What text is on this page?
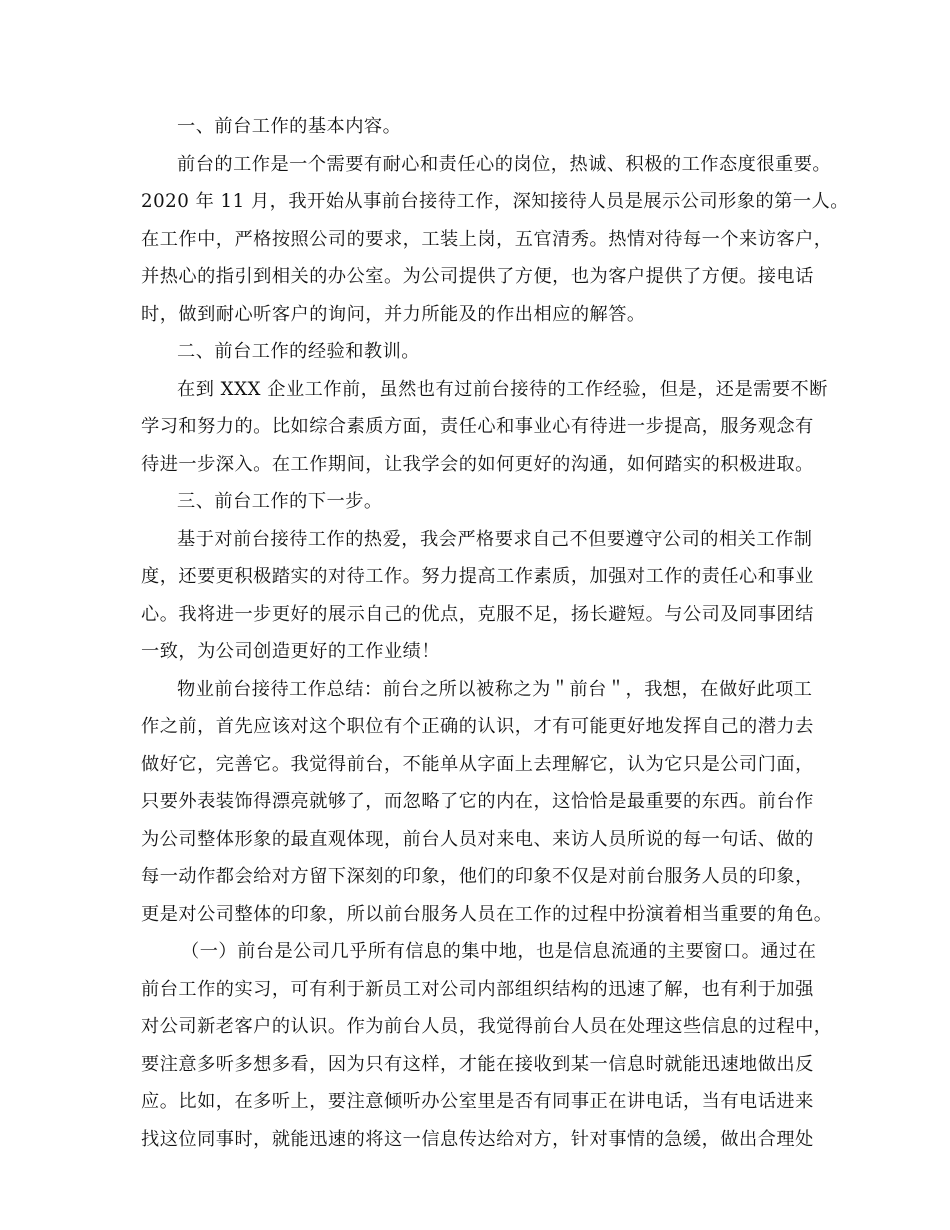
一、前台工作的基本内容。
前台的工作是一个需要有耐心和责任心的岗位，热诚、积极的工作态度很重要。
2020 年 11 月，我开始从事前台接待工作，深知接待人员是展示公司形象的第一人。
在工作中，严格按照公司的要求，工装上岗，五官清秀。热情对待每一个来访客户，
并热心的指引到相关的办公室。为公司提供了方便，也为客户提供了方便。接电话
时，做到耐心听客户的询问，并力所能及的作出相应的解答。
二、前台工作的经验和教训。
在到 XXX 企业工作前，虽然也有过前台接待的工作经验，但是，还是需要不断
学习和努力的。比如综合素质方面，责任心和事业心有待进一步提高，服务观念有
待进一步深入。在工作期间，让我学会的如何更好的沟通，如何踏实的积极进取。
三、前台工作的下一步。
基于对前台接待工作的热爱，我会严格要求自己不但要遵守公司的相关工作制
度，还要更积极踏实的对待工作。努力提高工作素质，加强对工作的责任心和事业
心。我将进一步更好的展示自己的优点，克服不足，扬长避短。与公司及同事团结
一致，为公司创造更好的工作业绩！
物业前台接待工作总结：前台之所以被称之为＂前台＂，我想，在做好此项工
作之前，首先应该对这个职位有个正确的认识，才有可能更好地发挥自己的潜力去
做好它，完善它。我觉得前台，不能单从字面上去理解它，认为它只是公司门面，
只要外表装饰得漂亮就够了，而忽略了它的内在，这恰恰是最重要的东西。前台作
为公司整体形象的最直观体现，前台人员对来电、来访人员所说的每一句话、做的
每一动作都会给对方留下深刻的印象，他们的印象不仅是对前台服务人员的印象，
更是对公司整体的印象，所以前台服务人员在工作的过程中扮演着相当重要的角色。
（一）前台是公司几乎所有信息的集中地，也是信息流通的主要窗口。通过在
前台工作的实习，可有利于新员工对公司内部组织结构的迅速了解，也有利于加强
对公司新老客户的认识。作为前台人员，我觉得前台人员在处理这些信息的过程中，
要注意多听多想多看，因为只有这样，才能在接收到某一信息时就能迅速地做出反
应。比如，在多听上，要注意倾听办公室里是否有同事正在讲电话，当有电话进来
找这位同事时，就能迅速的将这一信息传达给对方，针对事情的急缓，做出合理处
